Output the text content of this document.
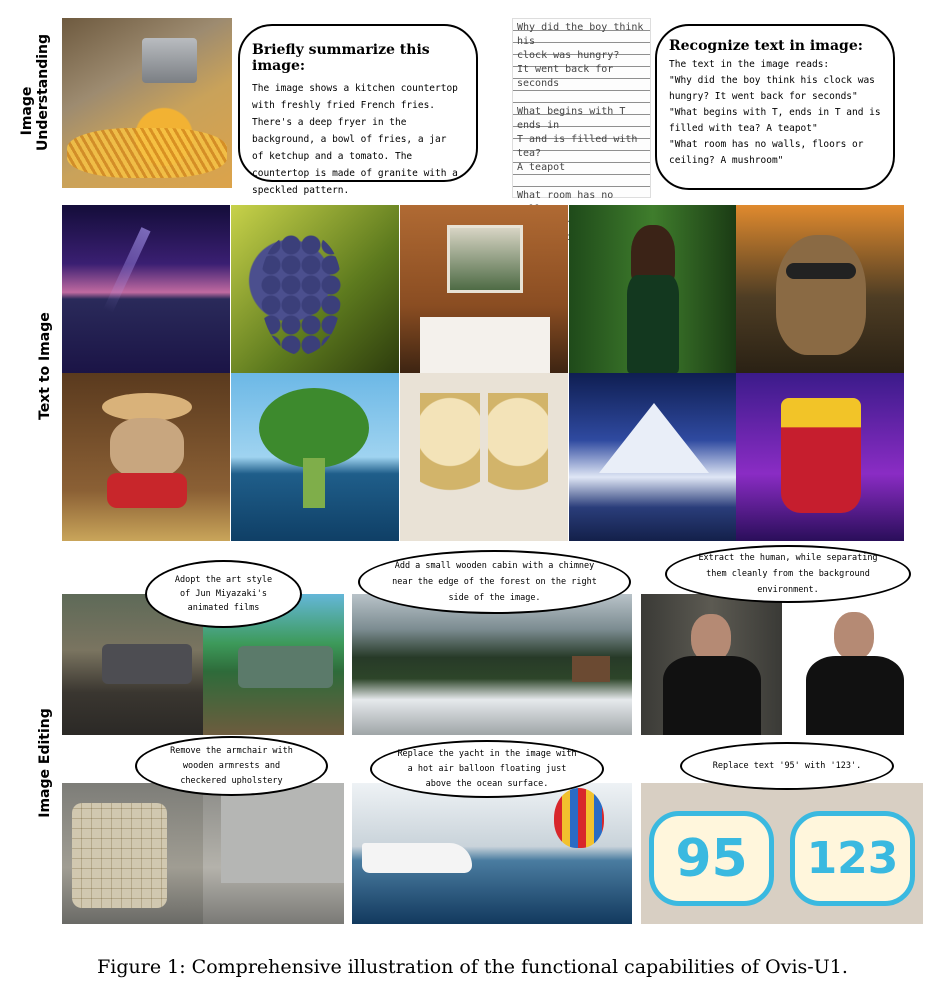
Image Understanding
Text to Image
Image Editing
Briefly summarize this image:
The image shows a kitchen countertop with freshly fried French fries. There's a deep fryer in the background, a bowl of fries, a jar of ketchup and a tomato. The countertop is made of granite with a speckled pattern.

Why did the boy think his

clock was hungry?

It went back for seconds

What begins with T ends in

T and is filled with tea?

A teapot

What room has no

Recognize text in image:
The text in the image reads:
"Why did the boy think his clock was hungry? It went back for seconds"
"What begins with T, ends in T and is filled with tea? A teapot"
"What room has no walls, floors or ceiling? A mushroom"
Adopt the art style of Jun Miyazaki's animated films
Add a small wooden cabin with a chimney near the edge of the forest on the right side of the image.
Extract the human, while separating them cleanly from the background environment.
95 123
Remove the armchair with wooden armrests and checkered upholstery
Replace the yacht in the image with a hot air balloon floating just above the ocean surface.
Replace text '95' with '123'.
Figure 1: Comprehensive illustration of the functional capabilities of Ovis-U1.
